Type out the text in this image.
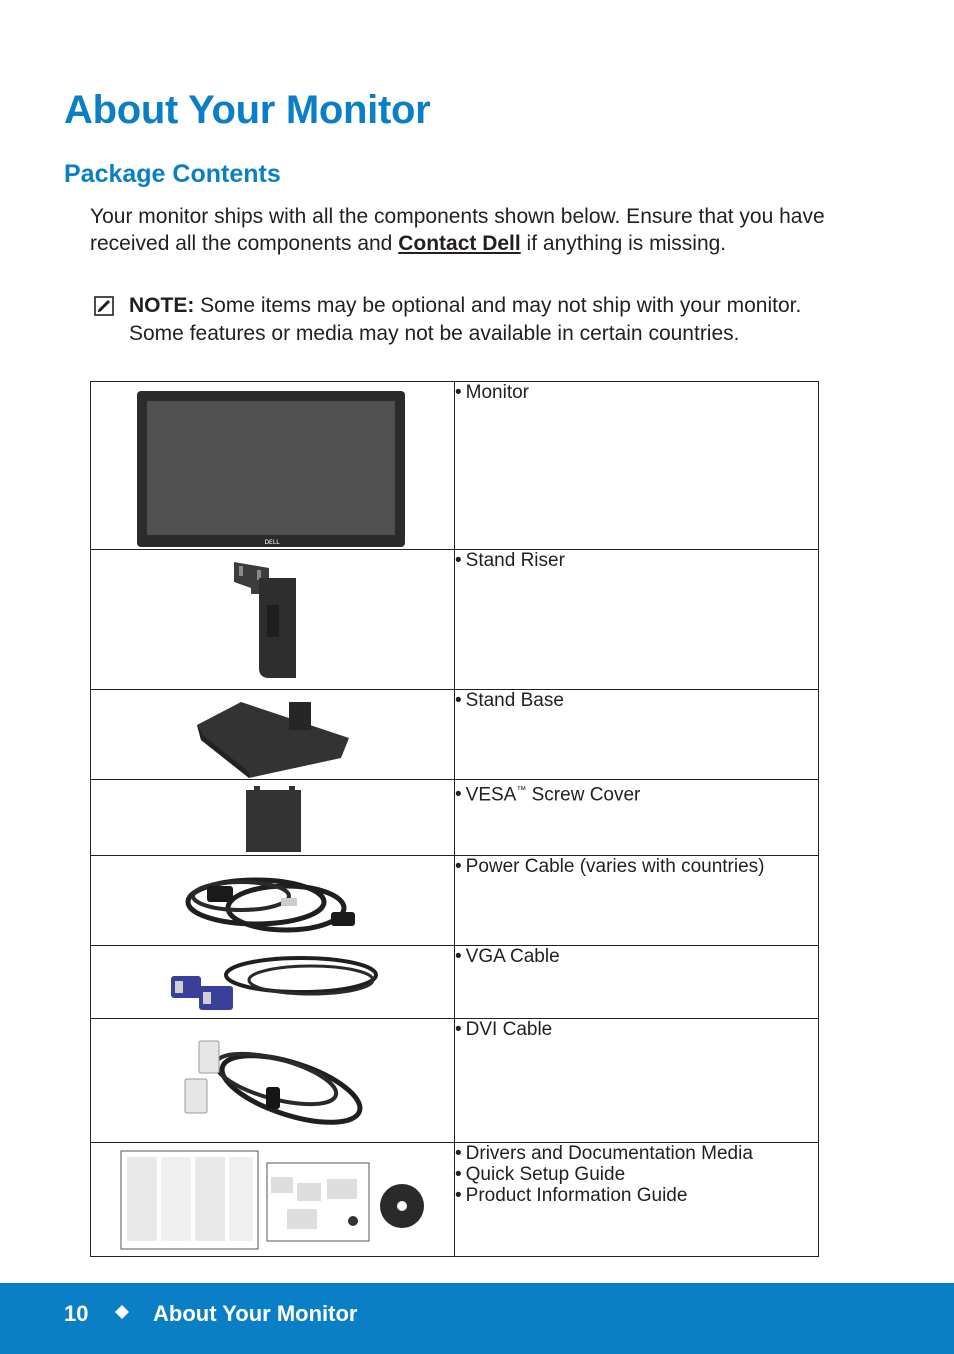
About Your Monitor
Package Contents

Your monitor ships with all the components shown below. Ensure that you have received all the components and Contact Dell if anything is missing.

NOTE: Some items may be optional and may not ship with your monitor. Some features or media may not be available in certain countries.

DELL	• Monitor

• Stand Riser

• Stand Base

• VESA™ Screw Cover

• Power Cable (varies with countries)

• VGA Cable

• DVI Cable

• Drivers and Documentation Media
• Quick Setup Guide
• Product Information Guide
10	About Your Monitor
